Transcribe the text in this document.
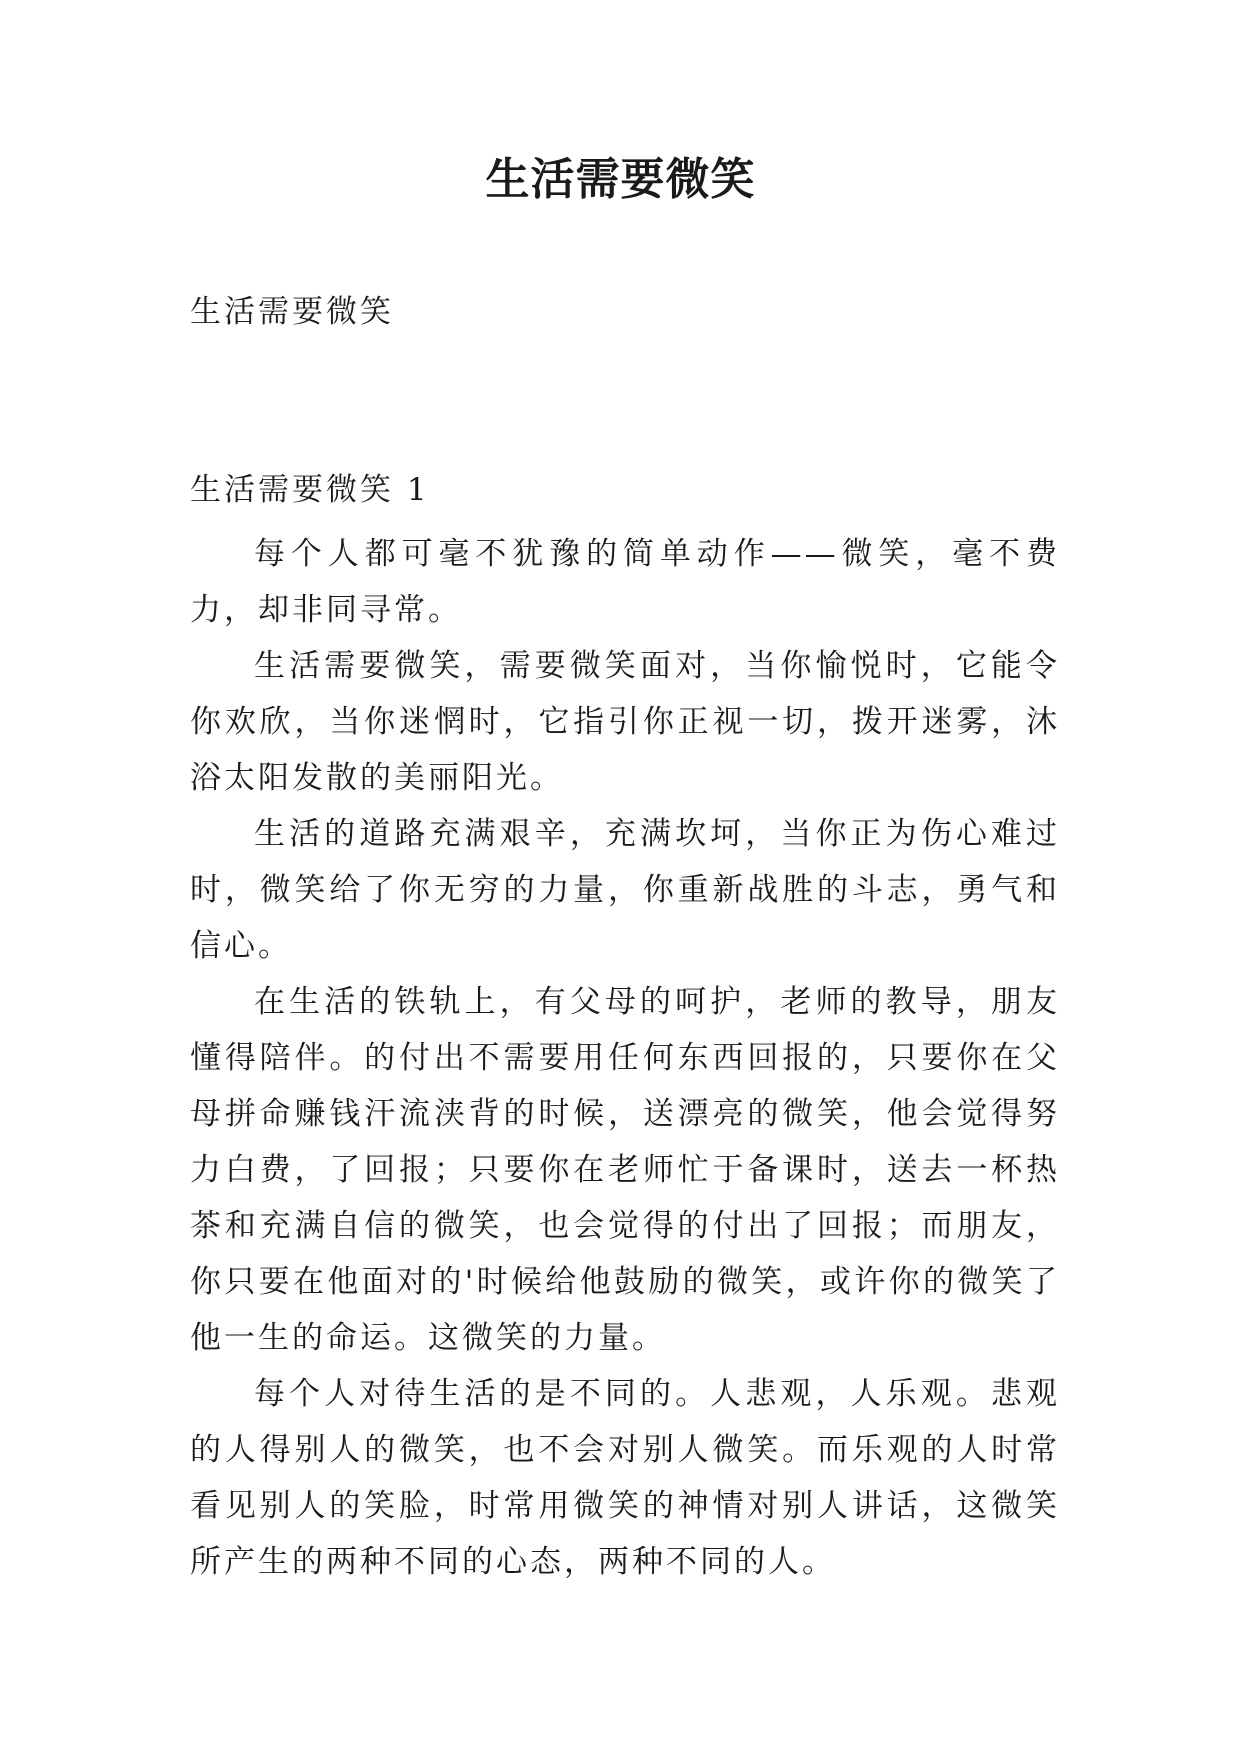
生活需要微笑

生活需要微笑

生活需要微笑 1

每个人都可毫不犹豫的简单动作——微笑，毫不费力，却非同寻常。

生活需要微笑，需要微笑面对，当你愉悦时，它能令你欢欣，当你迷惘时，它指引你正视一切，拨开迷雾，沐浴太阳发散的美丽阳光。

生活的道路充满艰辛，充满坎坷，当你正为伤心难过时，微笑给了你无穷的力量，你重新战胜的斗志，勇气和信心。

在生活的铁轨上，有父母的呵护，老师的教导，朋友懂得陪伴。的付出不需要用任何东西回报的，只要你在父母拼命赚钱汗流浃背的时候，送漂亮的微笑，他会觉得努力白费，了回报；只要你在老师忙于备课时，送去一杯热茶和充满自信的微笑，也会觉得的付出了回报；而朋友，你只要在他面对的'时候给他鼓励的微笑，或许你的微笑了他一生的命运。这微笑的力量。

每个人对待生活的是不同的。人悲观，人乐观。悲观的人得别人的微笑，也不会对别人微笑。而乐观的人时常看见别人的笑脸，时常用微笑的神情对别人讲话，这微笑所产生的两种不同的心态，两种不同的人。
